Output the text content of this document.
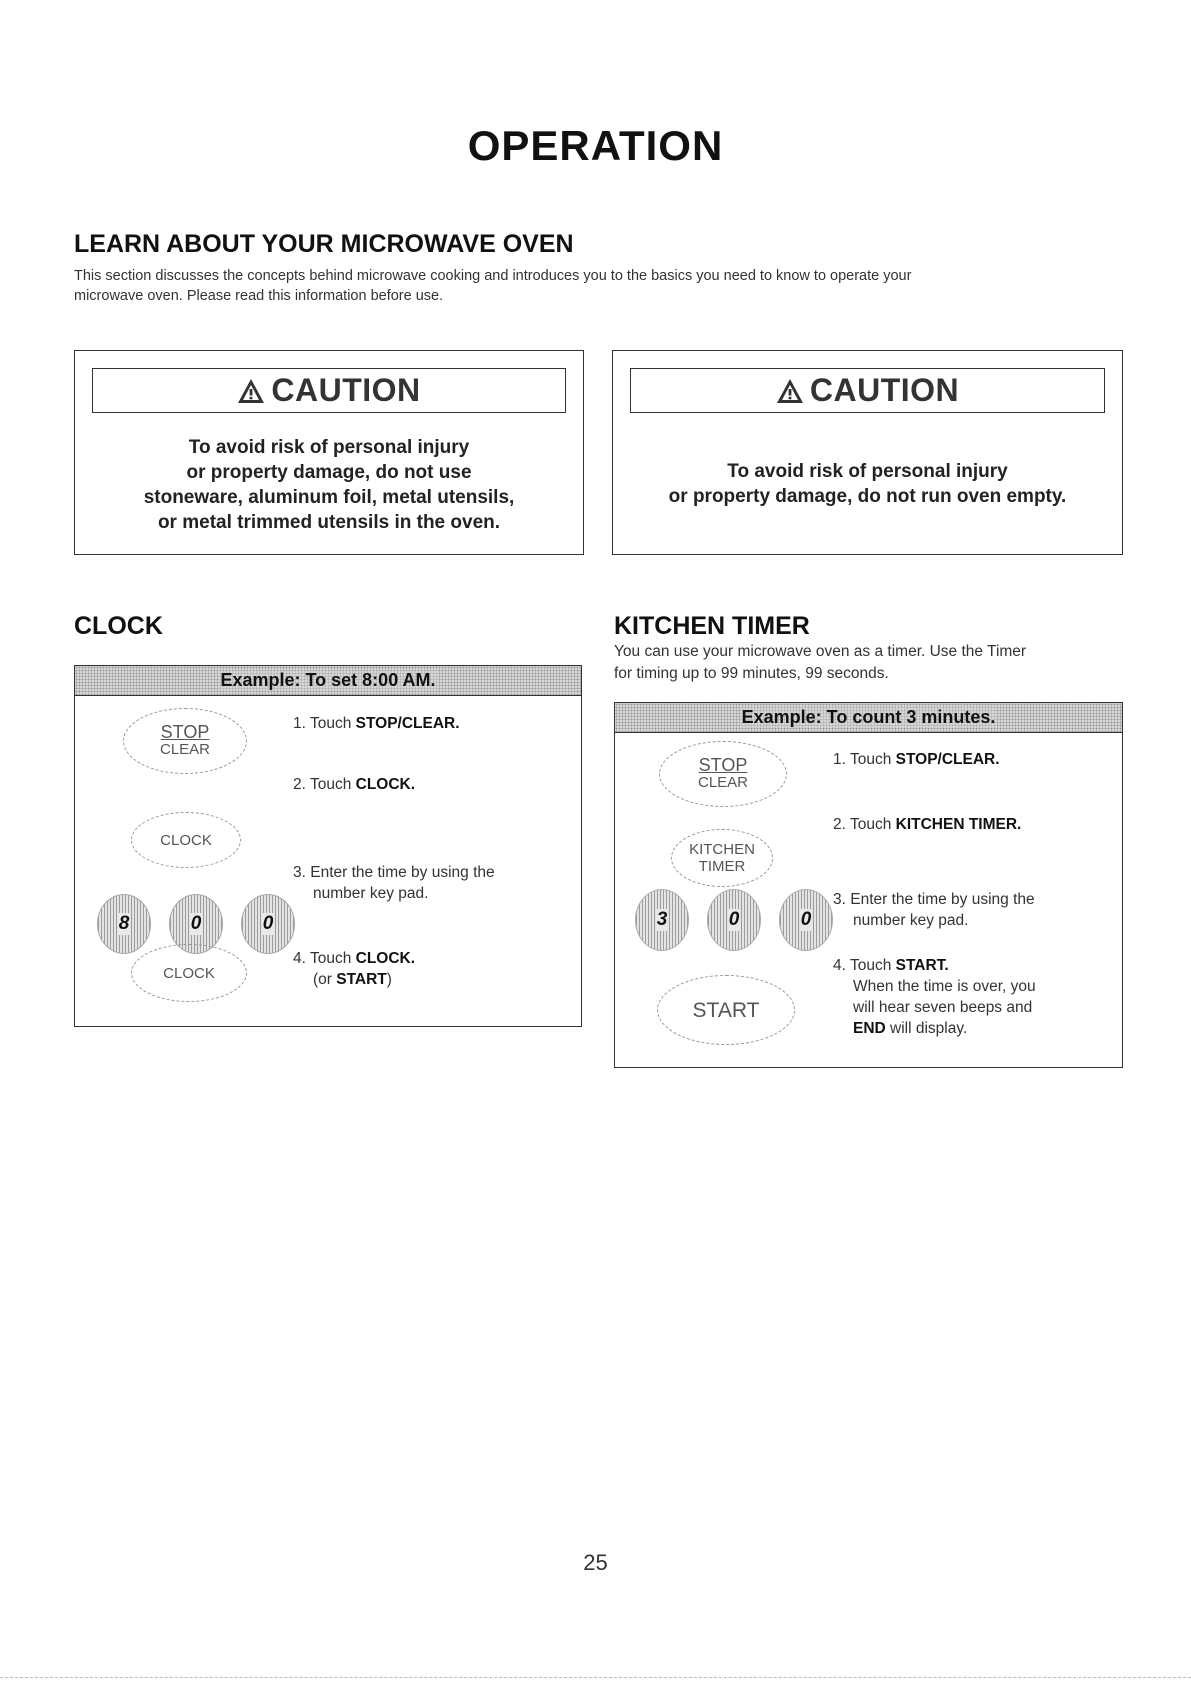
OPERATION
LEARN ABOUT YOUR MICROWAVE OVEN
This section discusses the concepts behind microwave cooking and introduces you to the basics you need to know to operate your
microwave oven. Please read this information before use.
CAUTION
To avoid risk of personal injury
or property damage, do not use
stoneware, aluminum foil, metal utensils,
or metal trimmed utensils in the oven.
CAUTION
To avoid risk of personal injury
or property damage, do not run oven empty.
CLOCK
Example: To set 8:00 AM.
STOP
CLEAR
CLOCK
8	0	0
CLOCK
1. Touch STOP/CLEAR.
2. Touch CLOCK.
3. Enter the time by using the
number key pad.
4. Touch CLOCK.
(or START)
KITCHEN TIMER
You can use your microwave oven as a timer. Use the Timer
for timing up to 99 minutes, 99 seconds.
Example: To count 3 minutes.
STOP
CLEAR
KITCHEN
TIMER
3	0	0
START
1. Touch STOP/CLEAR.
2. Touch KITCHEN TIMER.
3. Enter the time by using the
number key pad.
4. Touch START.
When the time is over, you
will hear seven beeps and
END will display.
25
